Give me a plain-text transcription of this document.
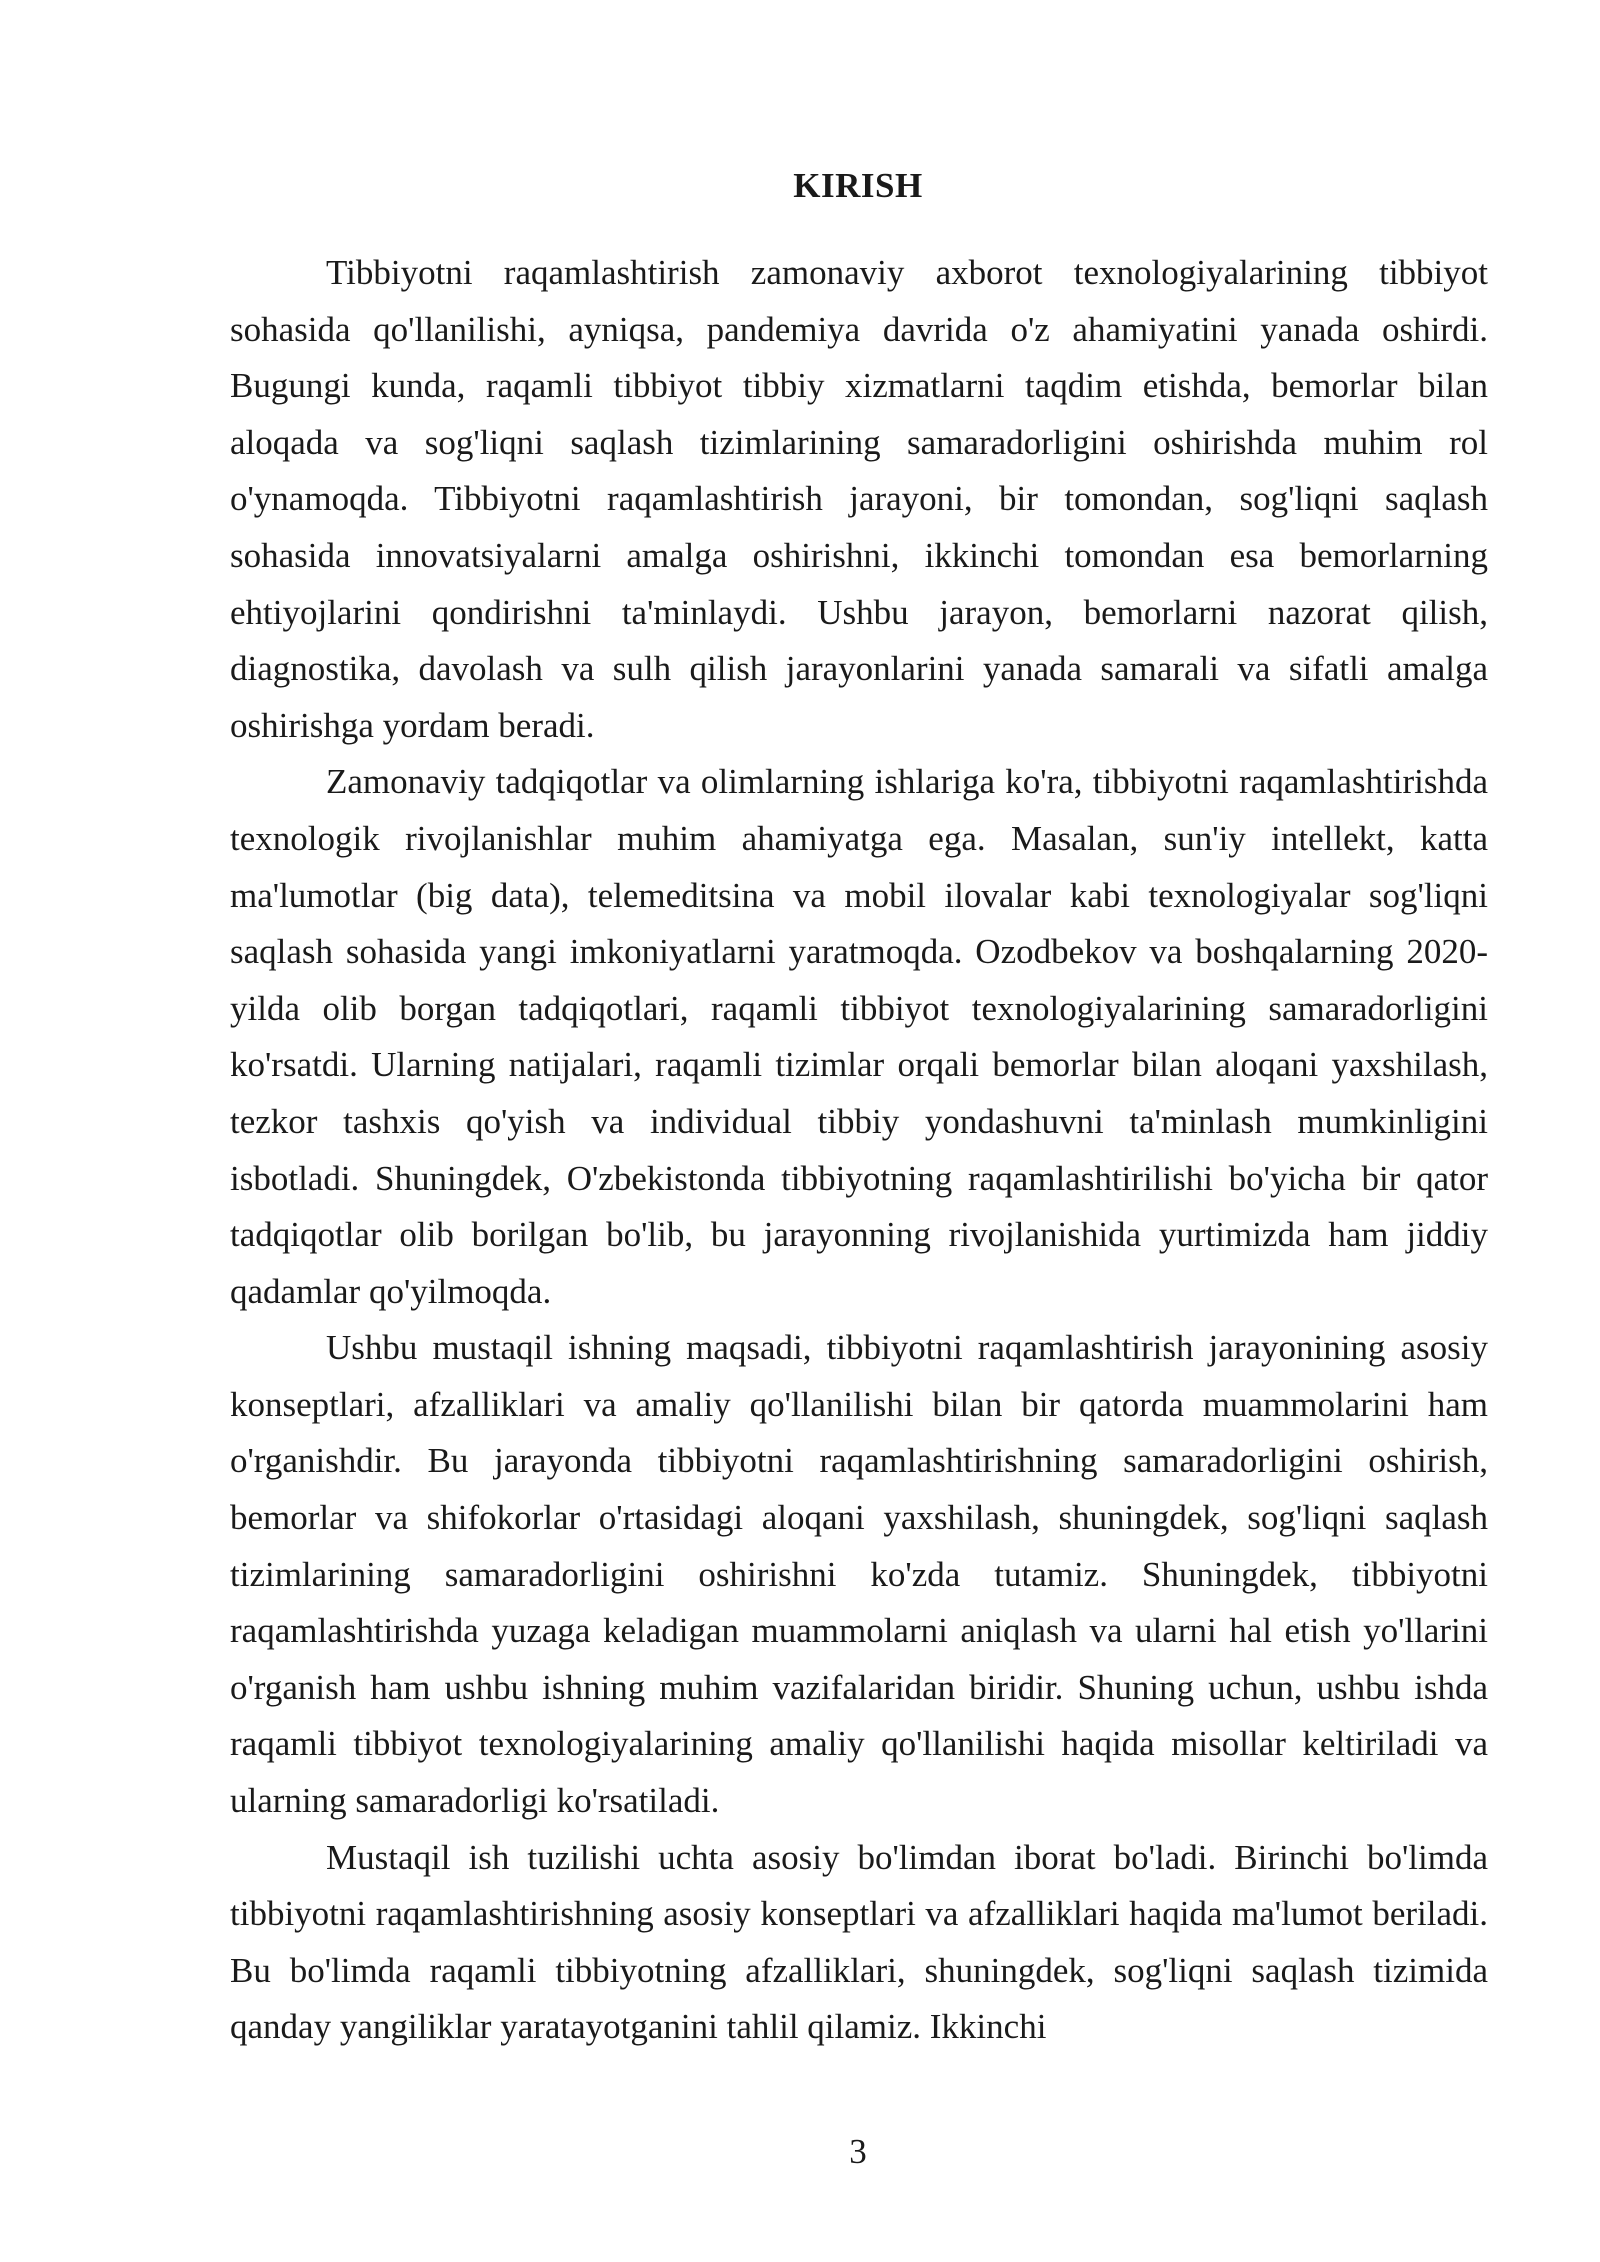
KIRISH

Tibbiyotni raqamlashtirish zamonaviy axborot texnologiyalarining tibbiyot sohasida qo'llanilishi, ayniqsa, pandemiya davrida o'z ahamiyatini yanada oshirdi. Bugungi kunda, raqamli tibbiyot tibbiy xizmatlarni taqdim etishda, bemorlar bilan aloqada va sog'liqni saqlash tizimlarining samaradorligini oshirishda muhim rol o'ynamoqda. Tibbiyotni raqamlashtirish jarayoni, bir tomondan, sog'liqni saqlash sohasida innovatsiyalarni amalga oshirishni, ikkinchi tomondan esa bemorlarning ehtiyojlarini qondirishni ta'minlaydi. Ushbu jarayon, bemorlarni nazorat qilish, diagnostika, davolash va sulh qilish jarayonlarini yanada samarali va sifatli amalga oshirishga yordam beradi.

Zamonaviy tadqiqotlar va olimlarning ishlariga ko'ra, tibbiyotni raqamlashtirishda texnologik rivojlanishlar muhim ahamiyatga ega. Masalan, sun'iy intellekt, katta ma'lumotlar (big data), telemeditsina va mobil ilovalar kabi texnologiyalar sog'liqni saqlash sohasida yangi imkoniyatlarni yaratmoqda. Ozodbekov va boshqalarning 2020-yilda olib borgan tadqiqotlari, raqamli tibbiyot texnologiyalarining samaradorligini ko'rsatdi. Ularning natijalari, raqamli tizimlar orqali bemorlar bilan aloqani yaxshilash, tezkor tashxis qo'yish va individual tibbiy yondashuvni ta'minlash mumkinligini isbotladi. Shuningdek, O'zbekistonda tibbiyotning raqamlashtirilishi bo'yicha bir qator tadqiqotlar olib borilgan bo'lib, bu jarayonning rivojlanishida yurtimizda ham jiddiy qadamlar qo'yilmoqda.

Ushbu mustaqil ishning maqsadi, tibbiyotni raqamlashtirish jarayonining asosiy konseptlari, afzalliklari va amaliy qo'llanilishi bilan bir qatorda muammolarini ham o'rganishdir. Bu jarayonda tibbiyotni raqamlashtirishning samaradorligini oshirish, bemorlar va shifokorlar o'rtasidagi aloqani yaxshilash, shuningdek, sog'liqni saqlash tizimlarining samaradorligini oshirishni ko'zda tutamiz. Shuningdek, tibbiyotni raqamlashtirishda yuzaga keladigan muammolarni aniqlash va ularni hal etish yo'llarini o'rganish ham ushbu ishning muhim vazifalaridan biridir. Shuning uchun, ushbu ishda raqamli tibbiyot texnologiyalarining amaliy qo'llanilishi haqida misollar keltiriladi va ularning samaradorligi ko'rsatiladi.

Mustaqil ish tuzilishi uchta asosiy bo'limdan iborat bo'ladi. Birinchi bo'limda tibbiyotni raqamlashtirishning asosiy konseptlari va afzalliklari haqida ma'lumot beriladi. Bu bo'limda raqamli tibbiyotning afzalliklari, shuningdek, sog'liqni saqlash tizimida qanday yangiliklar yaratayotganini tahlil qilamiz. Ikkinchi

3
